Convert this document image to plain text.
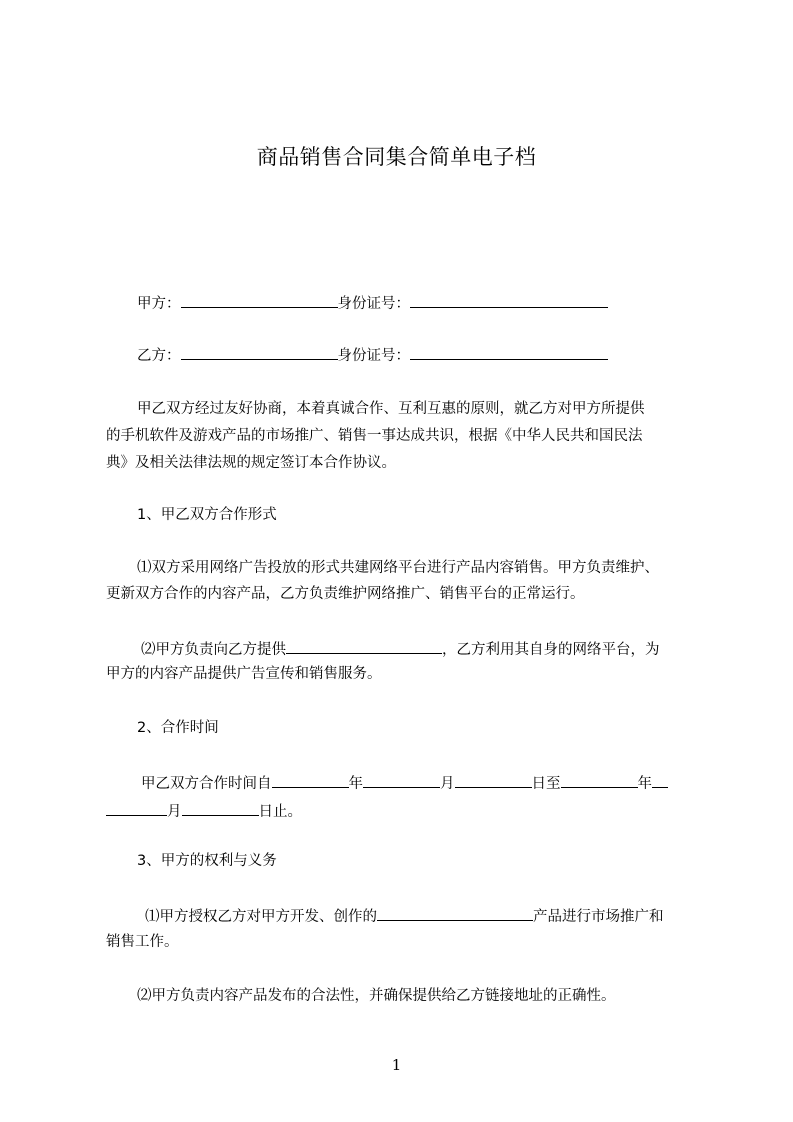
商品销售合同集合简单电子档
甲方：	身份证号：
乙方：	身份证号：
甲乙双方经过友好协商，本着真诚合作、互利互惠的原则，就乙方对甲方所提供
的手机软件及游戏产品的市场推广、销售一事达成共识，根据《中华人民共和国民法
典》及相关法律法规的规定签订本合作协议。
1、甲乙双方合作形式
⑴双方采用网络广告投放的形式共建网络平台进行产品内容销售。甲方负责维护、
更新双方合作的内容产品，乙方负责维护网络推广、销售平台的正常运行。
⑵甲方负责向乙方提供	，乙方利用其自身的网络平台，为
甲方的内容产品提供广告宣传和销售服务。
2、合作时间
甲乙双方合作时间自	年	月	日至	年
月	日止。
3、甲方的权利与义务
⑴甲方授权乙方对甲方开发、创作的	产品进行市场推广和
销售工作。
⑵甲方负责内容产品发布的合法性，并确保提供给乙方链接地址的正确性。
1
